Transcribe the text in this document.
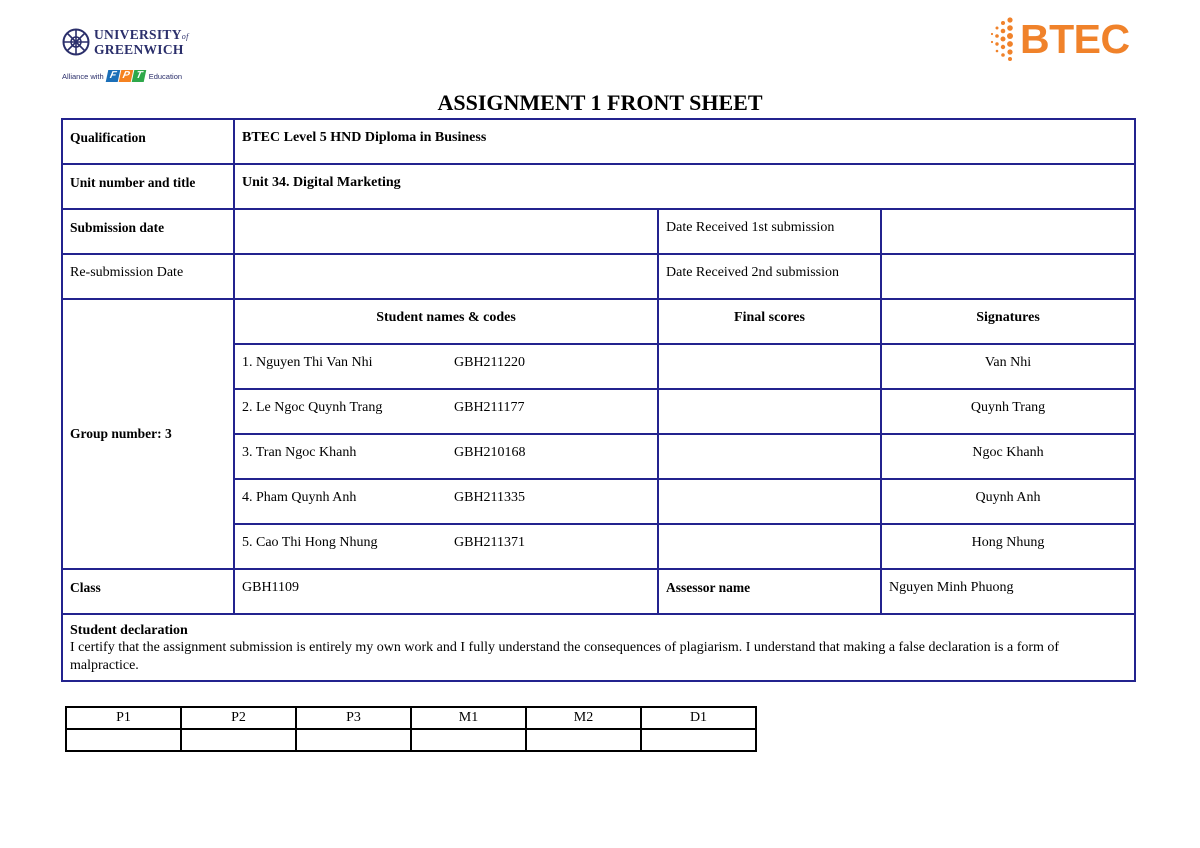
UNIVERSITYof
GREENWICH
Alliance with F P T Education
BTEC
ASSIGNMENT 1 FRONT SHEET
Qualification	BTEC Level 5 HND Diploma in Business		
Unit number and title	Unit 34. Digital Marketing		
Submission date		Date Received 1st submission	
Re-submission Date		Date Received 2nd submission	
Group number: 3	Student names & codes	Final scores	Signatures

	1. Nguyen Thi Van Nhi GBH211220		Van Nhi

	2. Le Ngoc Quynh Trang GBH211177		Quynh Trang

	3. Tran Ngoc Khanh GBH210168		Ngoc Khanh

	4. Pham Quynh Anh GBH211335		Quynh Anh

	5. Cao Thi Hong Nhung GBH211371		Hong Nhung
Class	GBH1109	Assessor name	Nguyen Minh Phuong

Student declaration
I certify that the assignment submission is entirely my own work and I fully understand the consequences of plagiarism. I understand that making a false declaration is a form of malpractice.			
P1	P2	P3	M1	M2	D1
